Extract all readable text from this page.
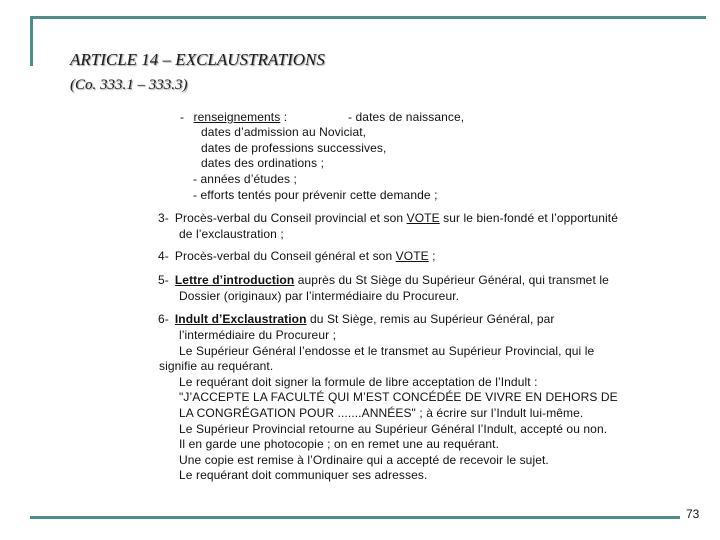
ARTICLE 14 – EXCLAUSTRATIONS
(Co. 333.1 – 333.3)
- renseignements :	- dates de naissance,
dates d’admission au Noviciat,
dates de professions successives,
dates des ordinations ;
- années d’études ;
- efforts tentés pour prévenir cette demande ;
3- Procès-verbal du Conseil provincial et son VOTE sur le bien-fondé et l’opportunité
de l’exclaustration ;
4- Procès-verbal du Conseil général et son VOTE ;
5- Lettre d’introduction auprès du St Siège du Supérieur Général, qui transmet le
Dossier (originaux) par l’intermédiaire du Procureur.
6- Indult d’Exclaustration du St Siège, remis au Supérieur Général, par
l’intermédiaire du Procureur ;
Le Supérieur Général l’endosse et le transmet au Supérieur Provincial, qui le
signifie au requérant.
Le requérant doit signer la formule de libre acceptation de l’Indult :
"J’ACCEPTE LA FACULTÉ QUI M’EST CONCÉDÉE DE VIVRE EN DEHORS DE
LA CONGRÉGATION POUR .......ANNÉES" ; à écrire sur l’Indult lui-même.
Le Supérieur Provincial retourne au Supérieur Général l’Indult, accepté ou non.
Il en garde une photocopie ; on en remet une au requérant.
Une copie est remise à l’Ordinaire qui a accepté de recevoir le sujet.
Le requérant doit communiquer ses adresses.
73
